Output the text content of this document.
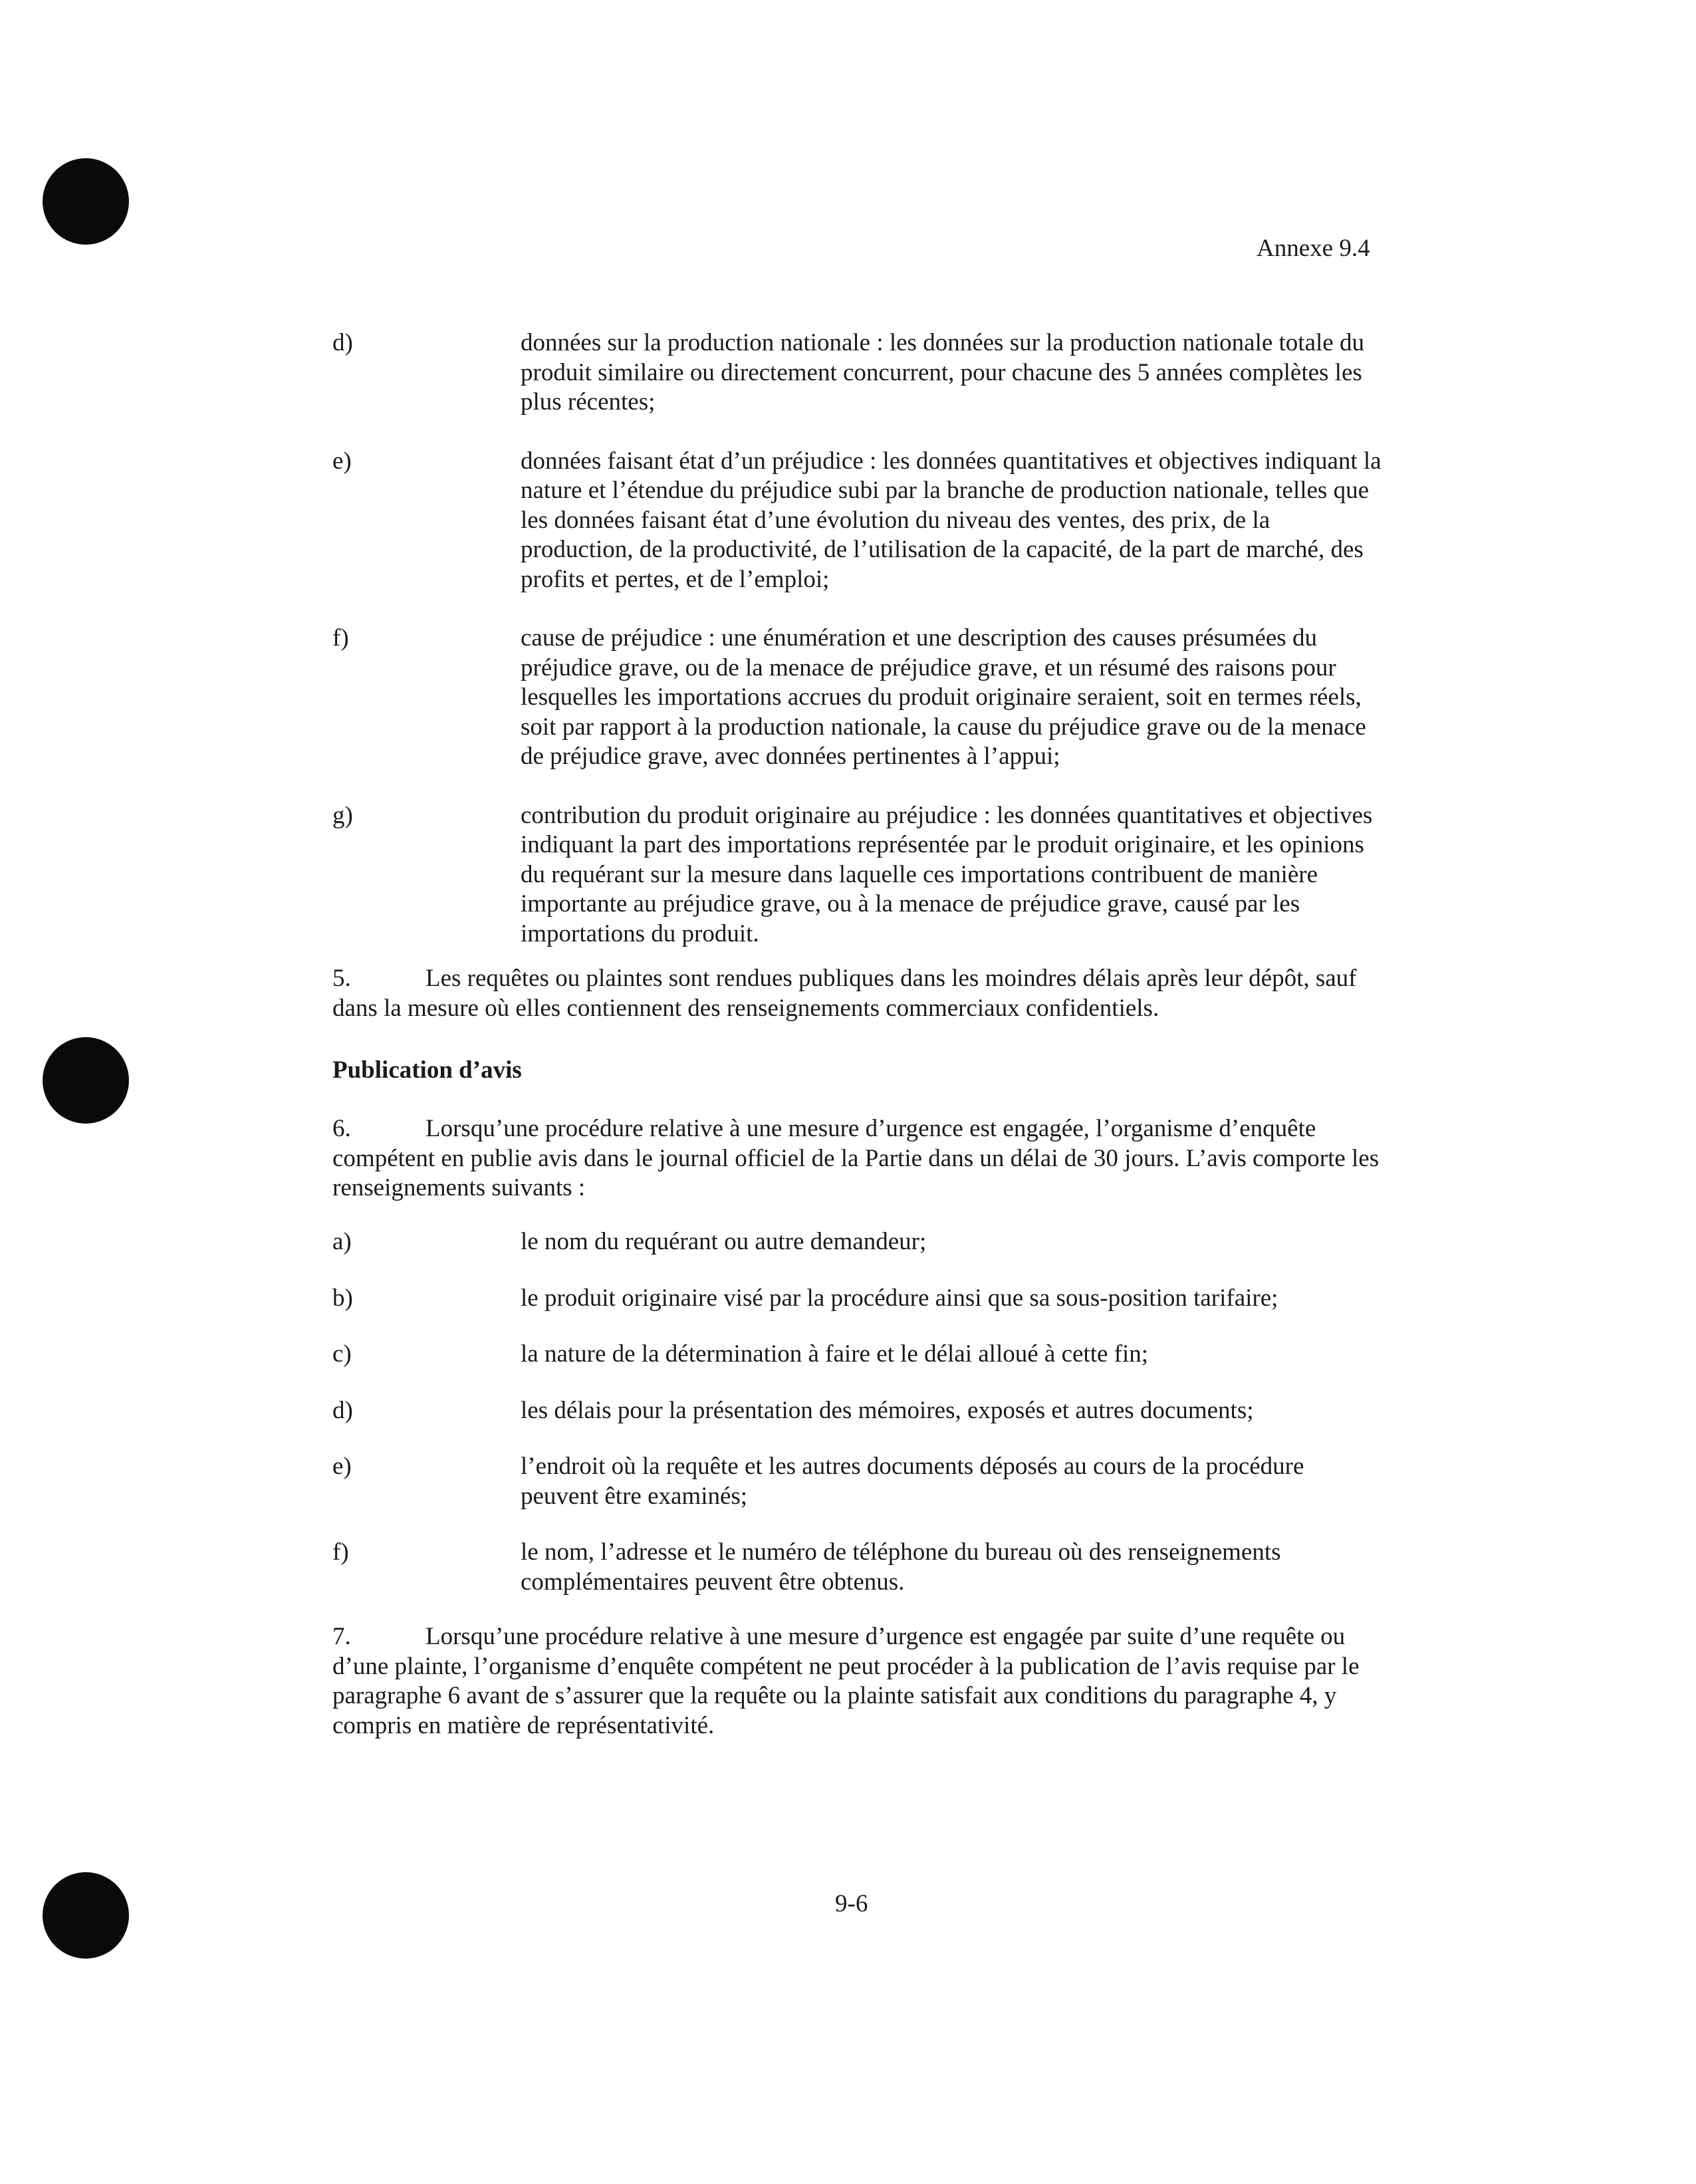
Annexe 9.4
d)	données sur la production nationale : les données sur la production nationale totale du produit similaire ou directement concurrent, pour chacune des 5 années complètes les plus récentes;
e)	données faisant état d’un préjudice : les données quantitatives et objectives indiquant la nature et l’étendue du préjudice subi par la branche de production nationale, telles que les données faisant état d’une évolution du niveau des ventes, des prix, de la production, de la productivité, de l’utilisation de la capacité, de la part de marché, des profits et pertes, et de l’emploi;
f)	cause de préjudice : une énumération et une description des causes présumées du préjudice grave, ou de la menace de préjudice grave, et un résumé des raisons pour lesquelles les importations accrues du produit originaire seraient, soit en termes réels, soit par rapport à la production nationale, la cause du préjudice grave ou de la menace de préjudice grave, avec données pertinentes à l’appui;
g)	contribution du produit originaire au préjudice : les données quantitatives et objectives indiquant la part des importations représentée par le produit originaire, et les opinions du requérant sur la mesure dans laquelle ces importations contribuent de manière importante au préjudice grave, ou à la menace de préjudice grave, causé par les importations du produit.
5.	Les requêtes ou plaintes sont rendues publiques dans les moindres délais après leur dépôt, sauf dans la mesure où elles contiennent des renseignements commerciaux confidentiels.
Publication d’avis
6.	Lorsqu’une procédure relative à une mesure d’urgence est engagée, l’organisme d’enquête compétent en publie avis dans le journal officiel de la Partie dans un délai de 30 jours. L’avis comporte les renseignements suivants :
a)	le nom du requérant ou autre demandeur;
b)	le produit originaire visé par la procédure ainsi que sa sous-position tarifaire;
c)	la nature de la détermination à faire et le délai alloué à cette fin;
d)	les délais pour la présentation des mémoires, exposés et autres documents;
e)	l’endroit où la requête et les autres documents déposés au cours de la procédure peuvent être examinés;
f)	le nom, l’adresse et le numéro de téléphone du bureau où des renseignements complémentaires peuvent être obtenus.
7.	Lorsqu’une procédure relative à une mesure d’urgence est engagée par suite d’une requête ou d’une plainte, l’organisme d’enquête compétent ne peut procéder à la publication de l’avis requise par le paragraphe 6 avant de s’assurer que la requête ou la plainte satisfait aux conditions du paragraphe 4, y compris en matière de représentativité.
9-6
